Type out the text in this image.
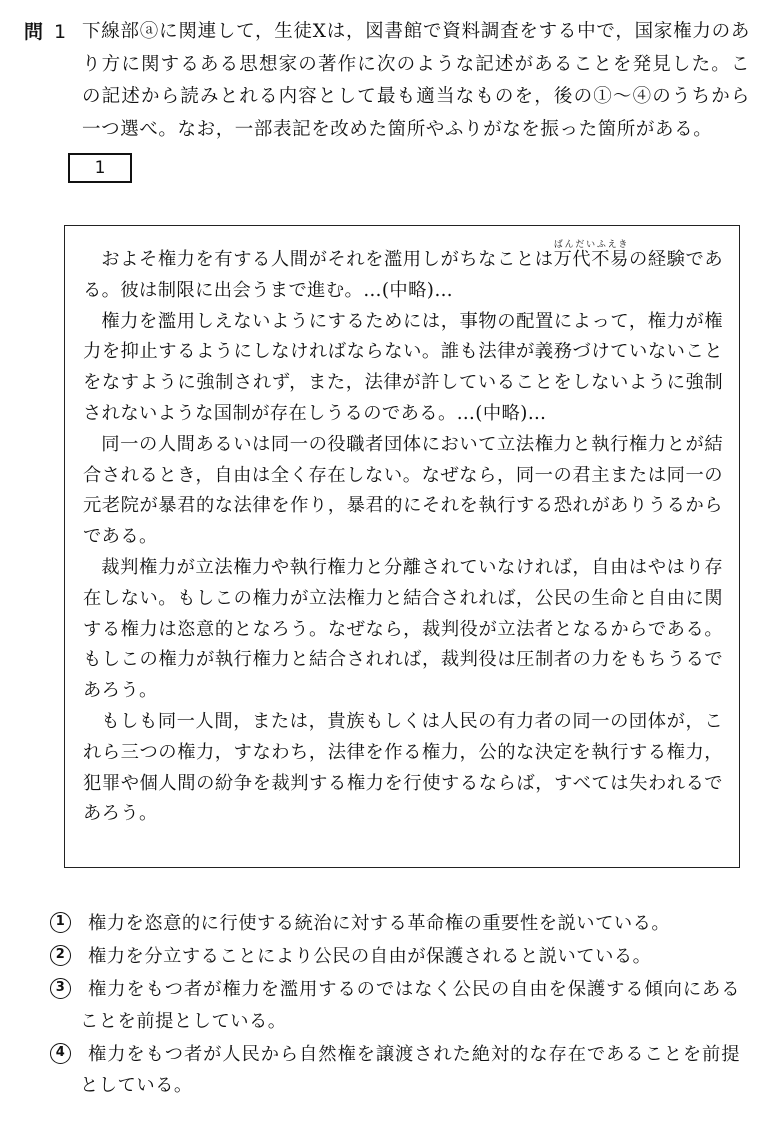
問 1 下線部ⓐに関連して，生徒Xは，図書館で資料調査をする中で，国家権力のあり方に関するある思想家の著作に次のような記述があることを発見した。この記述から読みとれる内容として最も適当なものを，後の①～④のうちから一つ選べ。なお，一部表記を改めた箇所やふりがなを振った箇所がある。
1

およそ権力を有する人間がそれを濫用しがちなことは万代不易ばんだいふえきの経験である。彼は制限に出会うまで進む。…(中略)…

権力を濫用しえないようにするためには，事物の配置によって，権力が権力を抑止するようにしなければならない。誰も法律が義務づけていないことをなすように強制されず，また，法律が許していることをしないように強制されないような国制が存在しうるのである。…(中略)…

同一の人間あるいは同一の役職者団体において立法権力と執行権力とが結合されるとき，自由は全く存在しない。なぜなら，同一の君主または同一の元老院が暴君的な法律を作り，暴君的にそれを執行する恐れがありうるからである。

裁判権力が立法権力や執行権力と分離されていなければ，自由はやはり存在しない。もしこの権力が立法権力と結合されれば，公民の生命と自由に関する権力は恣意的となろう。なぜなら，裁判役が立法者となるからである。もしこの権力が執行権力と結合されれば，裁判役は圧制者の力をもちうるであろう。

もしも同一人間，または，貴族もしくは人民の有力者の同一の団体が，これら三つの権力，すなわち，法律を作る権力，公的な決定を執行する権力，犯罪や個人間の紛争を裁判する権力を行使するならば，すべては失われるであろう。

1	権力を恣意的に行使する統治に対する革命権の重要性を説いている。
2	権力を分立することにより公民の自由が保護されると説いている。
3	権力をもつ者が権力を濫用するのではなく公民の自由を保護する傾向にあることを前提としている。
4	権力をもつ者が人民から自然権を譲渡された絶対的な存在であることを前提としている。
